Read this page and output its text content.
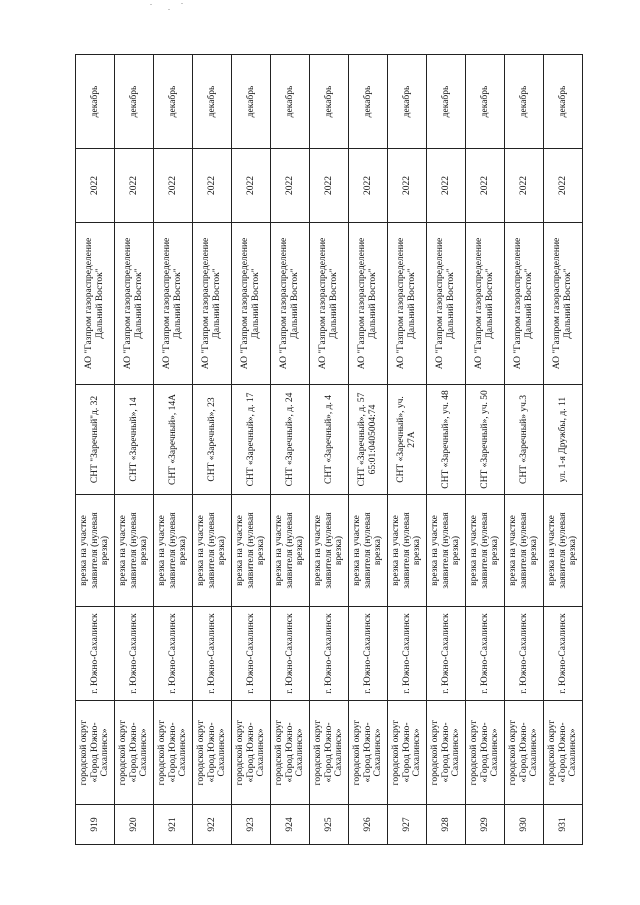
919	городской округ «Город Южно-Сахалинск»	г. Южно-Сахалинск	врезка на участке заявителя (нулевая врезка)	СНТ "Заречный"д. 32	АО "Газпром газораспределение Дальний Восток"	2022	декабрь
920	городской округ «Город Южно-Сахалинск»	г. Южно-Сахалинск	врезка на участке заявителя (нулевая врезка)	СНТ «Заречный», 14	АО "Газпром газораспределение Дальний Восток"	2022	декабрь
921	городской округ «Город Южно-Сахалинск»	г. Южно-Сахалинск	врезка на участке заявителя (нулевая врезка)	СНТ «Заречный», 14А	АО "Газпром газораспределение Дальний Восток"	2022	декабрь
922	городской округ «Город Южно-Сахалинск»	г. Южно-Сахалинск	врезка на участке заявителя (нулевая врезка)	СНТ «Заречный», 23	АО "Газпром газораспределение Дальний Восток"	2022	декабрь
923	городской округ «Город Южно-Сахалинск»	г. Южно-Сахалинск	врезка на участке заявителя (нулевая врезка)	СНТ «Заречный», д. 17	АО "Газпром газораспределение Дальний Восток"	2022	декабрь
924	городской округ «Город Южно-Сахалинск»	г. Южно-Сахалинск	врезка на участке заявителя (нулевая врезка)	СНТ «Заречный», д. 24	АО "Газпром газораспределение Дальний Восток"	2022	декабрь
925	городской округ «Город Южно-Сахалинск»	г. Южно-Сахалинск	врезка на участке заявителя (нулевая врезка)	СНТ «Заречный», д. 4	АО "Газпром газораспределение Дальний Восток"	2022	декабрь
926	городской округ «Город Южно-Сахалинск»	г. Южно-Сахалинск	врезка на участке заявителя (нулевая врезка)	СНТ «Заречный», д. 57 65:01:0405004:74	АО "Газпром газораспределение Дальний Восток"	2022	декабрь
927	городской округ «Город Южно-Сахалинск»	г. Южно-Сахалинск	врезка на участке заявителя (нулевая врезка)	СНТ «Заречный», уч. 27А	АО "Газпром газораспределение Дальний Восток"	2022	декабрь
928	городской округ «Город Южно-Сахалинск»	г. Южно-Сахалинск	врезка на участке заявителя (нулевая врезка)	СНТ «Заречный», уч. 48	АО "Газпром газораспределение Дальний Восток"	2022	декабрь
929	городской округ «Город Южно-Сахалинск»	г. Южно-Сахалинск	врезка на участке заявителя (нулевая врезка)	СНТ «Заречный», уч. 50	АО "Газпром газораспределение Дальний Восток"	2022	декабрь
930	городской округ «Город Южно-Сахалинск»	г. Южно-Сахалинск	врезка на участке заявителя (нулевая врезка)	СНТ «Заречный» уч.3	АО "Газпром газораспределение Дальний Восток"	2022	декабрь
931	городской округ «Город Южно-Сахалинск»	г. Южно-Сахалинск	врезка на участке заявителя (нулевая врезка)	ул. 1-я Дружбы, д. 11	АО "Газпром газораспределение Дальний Восток"	2022	декабрь
